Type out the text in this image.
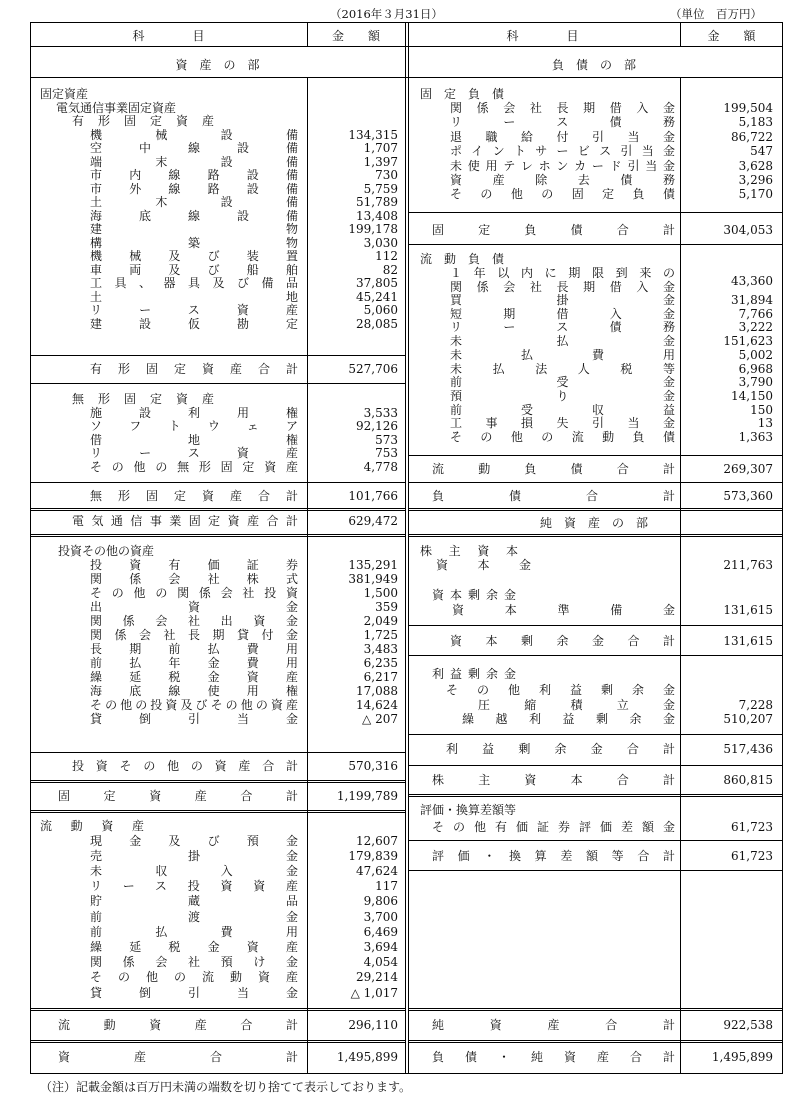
（2016年３月31日）	（単位　百万円）
科　　　　目	金　　額	科　　　　目	金　　額
資　産　の　部	負　債　の　部
固定資産
電気通信事業固定資産
有形固定資産
機械設備	134,315
空中線設備	1,707
端末設備	1,397
市内線路設備	730
市外線路設備	5,759
土木設備	51,789
海底線設備	13,408
建物	199,178
構築物	3,030
機械及び装置	112
車両及び船舶	82
工具、器具及び備品	37,805
土地	45,241
リース資産	5,060
建設仮勘定	28,085
有形固定資産合計	527,706
無形固定資産
施設利用権	3,533
ソフトウェア	92,126
借地権	573
リース資産	753
その他の無形固定資産	4,778
無形固定資産合計	101,766
電気通信事業固定資産合計	629,472
投資その他の資産
投資有価証券	135,291
関係会社株式	381,949
その他の関係会社投資	1,500
出資金	359
関係会社出資金	2,049
関係会社長期貸付金	1,725
長期前払費用	3,483
前払年金費用	6,235
繰延税金資産	6,217
海底線使用権	17,088
その他の投資及びその他の資産	14,624
貸倒引当金	△ 207
投資その他の資産合計	570,316
固定資産合計	1,199,789
流動資産
現金及び預金	12,607
売掛金	179,839
未収入金	47,624
リース投資資産	117
貯蔵品	9,806
前渡金	3,700
前払費用	6,469
繰延税金資産	3,694
関係会社預け金	4,054
その他の流動資産	29,214
貸倒引当金	△ 1,017
流動資産合計	296,110
資産合計	1,495,899
固定負債
関係会社長期借入金	199,504
リース債務	5,183
退職給付引当金	86,722
ポイントサービス引当金	547
未使用テレホンカード引当金	3,628
資産除去債務	3,296
その他の固定負債	5,170
固定負債合計	304,053
流動負債
１年以内に期限到来の
関係会社長期借入金	43,360
買掛金	31,894
短期借入金	7,766
リース債務	3,222
未払金	151,623
未払費用	5,002
未払法人税等	6,968
前受金	3,790
預り金	14,150
前受収益	150
工事損失引当金	13
その他の流動負債	1,363
流動負債合計	269,307
負債合計	573,360
純　資　産　の　部
株主資本
資本金	211,763
資本剰余金
資本準備金	131,615
資本剰余金合計	131,615
利益剰余金
その他利益剰余金
圧縮積立金	7,228
繰越利益剰余金	510,207
利益剰余金合計	517,436
株主資本合計	860,815
評価・換算差額等
その他有価証券評価差額金	61,723
評価・換算差額等合計	61,723
純資産合計	922,538
負債・純資産合計	1,495,899
（注）記載金額は百万円未満の端数を切り捨てて表示しております。
